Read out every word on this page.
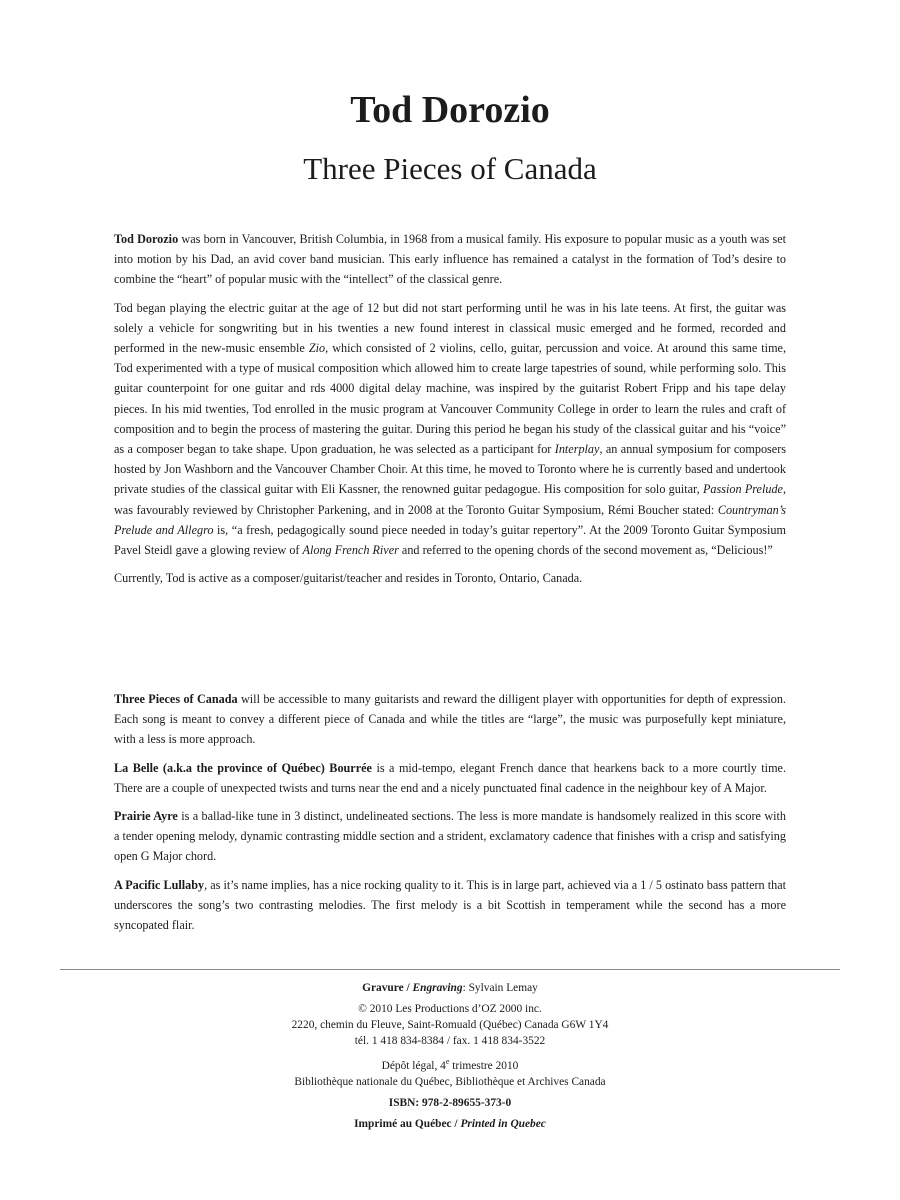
Tod Dorozio
Three Pieces of Canada

Tod Dorozio was born in Vancouver, British Columbia, in 1968 from a musical family. His exposure to popular music as a youth was set into motion by his Dad, an avid cover band musician. This early influence has remained a catalyst in the formation of Tod’s desire to combine the “heart” of popular music with the “intellect” of the classical genre.

Tod began playing the electric guitar at the age of 12 but did not start performing until he was in his late teens. At first, the guitar was solely a vehicle for songwriting but in his twenties a new found interest in classical music emerged and he formed, recorded and performed in the new-music ensemble Zio, which consisted of 2 violins, cello, guitar, percussion and voice. At around this same time, Tod experimented with a type of musical composition which allowed him to create large tapestries of sound, while performing solo. This guitar counterpoint for one guitar and rds 4000 digital delay machine, was inspired by the guitarist Robert Fripp and his tape delay pieces. In his mid twenties, Tod enrolled in the music program at Vancouver Community College in order to learn the rules and craft of composition and to begin the process of mastering the guitar. During this period he began his study of the classical guitar and his “voice” as a composer began to take shape. Upon graduation, he was selected as a participant for Interplay, an annual symposium for composers hosted by Jon Washborn and the Vancouver Chamber Choir. At this time, he moved to Toronto where he is currently based and undertook private studies of the classical guitar with Eli Kassner, the renowned guitar pedagogue. His composition for solo guitar, Passion Prelude, was favourably reviewed by Christopher Parkening, and in 2008 at the Toronto Guitar Symposium, Rémi Boucher stated: Countryman’s Prelude and Allegro is, “a fresh, pedagogically sound piece needed in today’s guitar repertory”. At the 2009 Toronto Guitar Symposium Pavel Steidl gave a glowing review of Along French River and referred to the opening chords of the second movement as, “Delicious!”

Currently, Tod is active as a composer/guitarist/teacher and resides in Toronto, Ontario, Canada.

Three Pieces of Canada will be accessible to many guitarists and reward the dilligent player with opportunities for depth of expression. Each song is meant to convey a different piece of Canada and while the titles are “large”, the music was purposefully kept miniature, with a less is more approach.

La Belle (a.k.a the province of Québec) Bourrée is a mid-tempo, elegant French dance that hearkens back to a more courtly time. There are a couple of unexpected twists and turns near the end and a nicely punctuated final cadence in the neighbour key of A Major.

Prairie Ayre is a ballad-like tune in 3 distinct, undelineated sections. The less is more mandate is handsomely realized in this score with a tender opening melody, dynamic contrasting middle section and a strident, exclamatory cadence that finishes with a crisp and satisfying open G Major chord.

A Pacific Lullaby, as it’s name implies, has a nice rocking quality to it. This is in large part, achieved via a 1 / 5 ostinato bass pattern that underscores the song’s two contrasting melodies. The first melody is a bit Scottish in temperament while the second has a more syncopated flair.

Gravure / Engraving: Sylvain Lemay
© 2010 Les Productions d’OZ 2000 inc.
2220, chemin du Fleuve, Saint-Romuald (Québec) Canada G6W 1Y4
tél. 1 418 834-8384 / fax. 1 418 834-3522
Dépôt légal, 4e trimestre 2010
Bibliothèque nationale du Québec, Bibliothèque et Archives Canada
ISBN: 978-2-89655-373-0
Imprimé au Québec / Printed in Quebec
